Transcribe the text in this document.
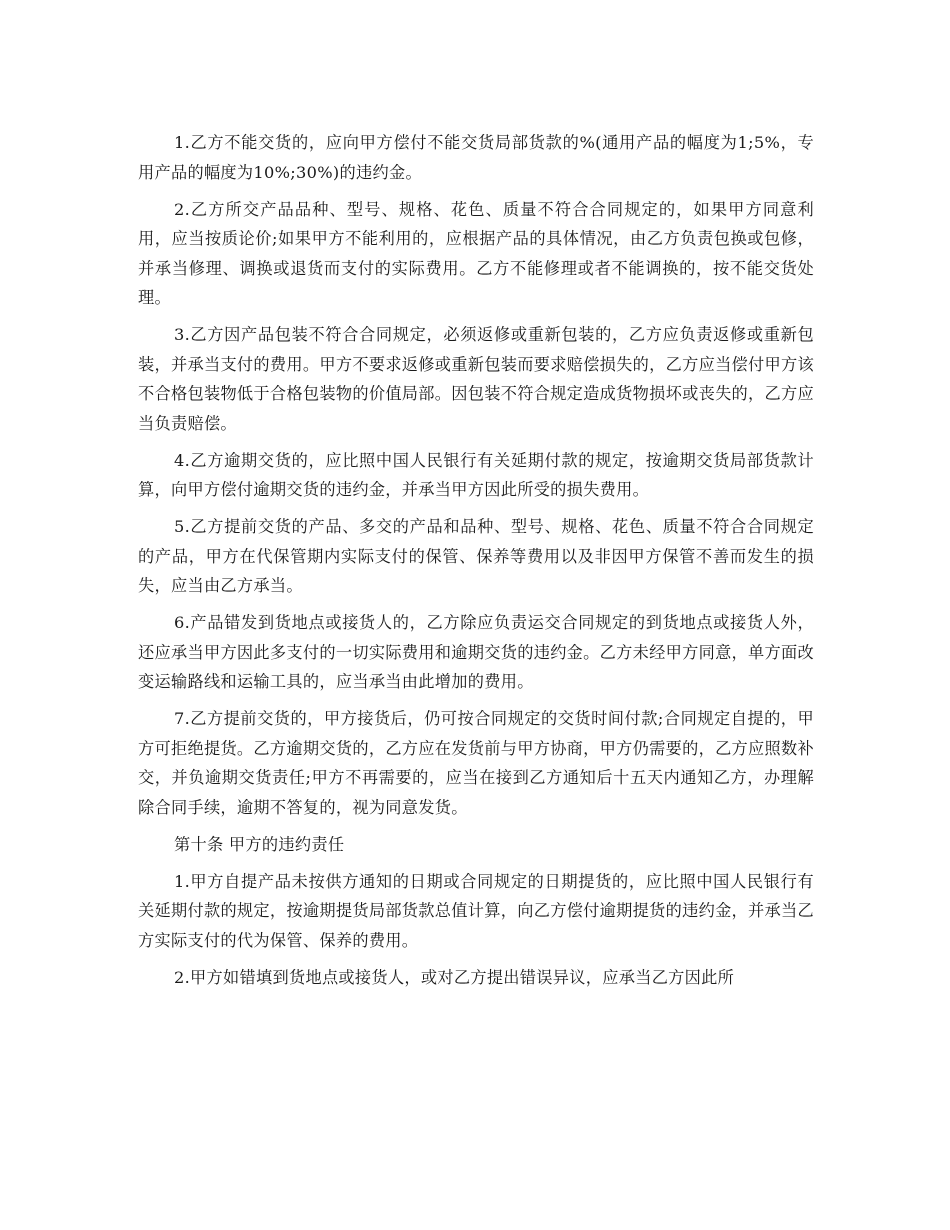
1.乙方不能交货的，应向甲方偿付不能交货局部货款的%(通用产品的幅度为1;5%，专用产品的幅度为10%;30%)的违约金。

2.乙方所交产品品种、型号、规格、花色、质量不符合合同规定的，如果甲方同意利用，应当按质论价;如果甲方不能利用的，应根据产品的具体情况，由乙方负责包换或包修，并承当修理、调换或退货而支付的实际费用。乙方不能修理或者不能调换的，按不能交货处理。

3.乙方因产品包装不符合合同规定，必须返修或重新包装的，乙方应负责返修或重新包装，并承当支付的费用。甲方不要求返修或重新包装而要求赔偿损失的，乙方应当偿付甲方该不合格包装物低于合格包装物的价值局部。因包装不符合规定造成货物损坏或丧失的，乙方应当负责赔偿。

4.乙方逾期交货的，应比照中国人民银行有关延期付款的规定，按逾期交货局部货款计算，向甲方偿付逾期交货的违约金，并承当甲方因此所受的损失费用。

5.乙方提前交货的产品、多交的产品和品种、型号、规格、花色、质量不符合合同规定的产品，甲方在代保管期内实际支付的保管、保养等费用以及非因甲方保管不善而发生的损失，应当由乙方承当。

6.产品错发到货地点或接货人的，乙方除应负责运交合同规定的到货地点或接货人外，还应承当甲方因此多支付的一切实际费用和逾期交货的违约金。乙方未经甲方同意，单方面改变运输路线和运输工具的，应当承当由此增加的费用。

7.乙方提前交货的，甲方接货后，仍可按合同规定的交货时间付款;合同规定自提的，甲方可拒绝提货。乙方逾期交货的，乙方应在发货前与甲方协商，甲方仍需要的，乙方应照数补交，并负逾期交货责任;甲方不再需要的，应当在接到乙方通知后十五天内通知乙方，办理解除合同手续，逾期不答复的，视为同意发货。

第十条 甲方的违约责任

1.甲方自提产品未按供方通知的日期或合同规定的日期提货的，应比照中国人民银行有关延期付款的规定，按逾期提货局部货款总值计算，向乙方偿付逾期提货的违约金，并承当乙方实际支付的代为保管、保养的费用。

2.甲方如错填到货地点或接货人，或对乙方提出错误异议，应承当乙方因此所
